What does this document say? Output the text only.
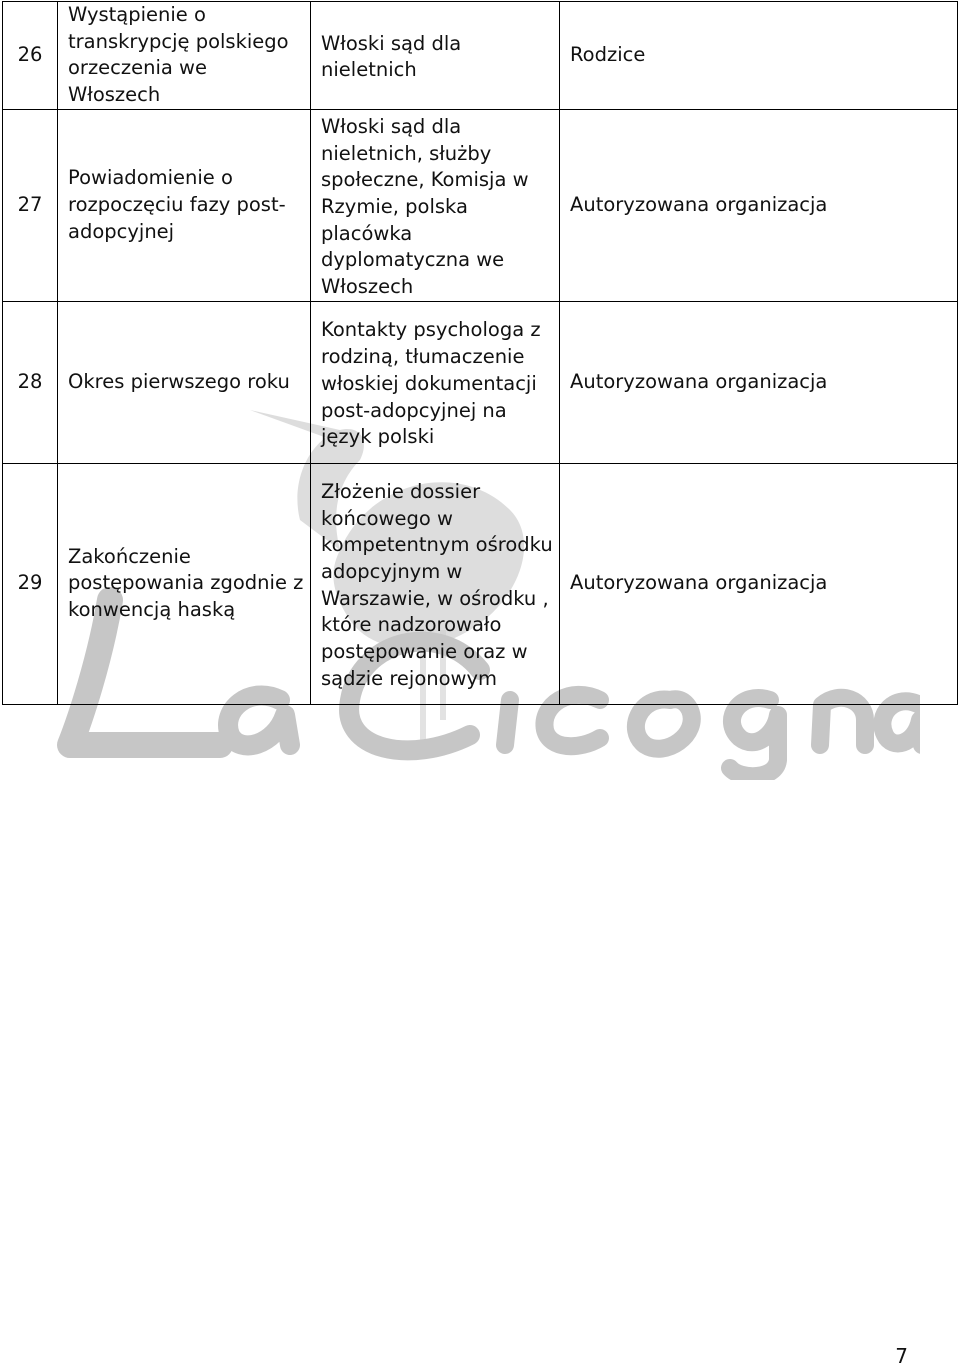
26	Wystąpienie o transkrypcję polskiego orzeczenia we Włoszech	Włoski sąd dla nieletnich	Rodzice
27	Powiadomienie o rozpoczęciu fazy post-adopcyjnej	Włoski sąd dla nieletnich, służby społeczne, Komisja w Rzymie, polska placówka dyplomatyczna we Włoszech	Autoryzowana organizacja
28	Okres pierwszego roku	Kontakty psychologa z rodziną, tłumaczenie włoskiej dokumentacji post-adopcyjnej na język polski	Autoryzowana organizacja
29	Zakończenie postępowania zgodnie z konwencją haską	Złożenie dossier końcowego w kompetentnym ośrodku adopcyjnym w Warszawie, w ośrodku , które nadzorowało postępowanie oraz w sądzie rejonowym	Autoryzowana organizacja
7
